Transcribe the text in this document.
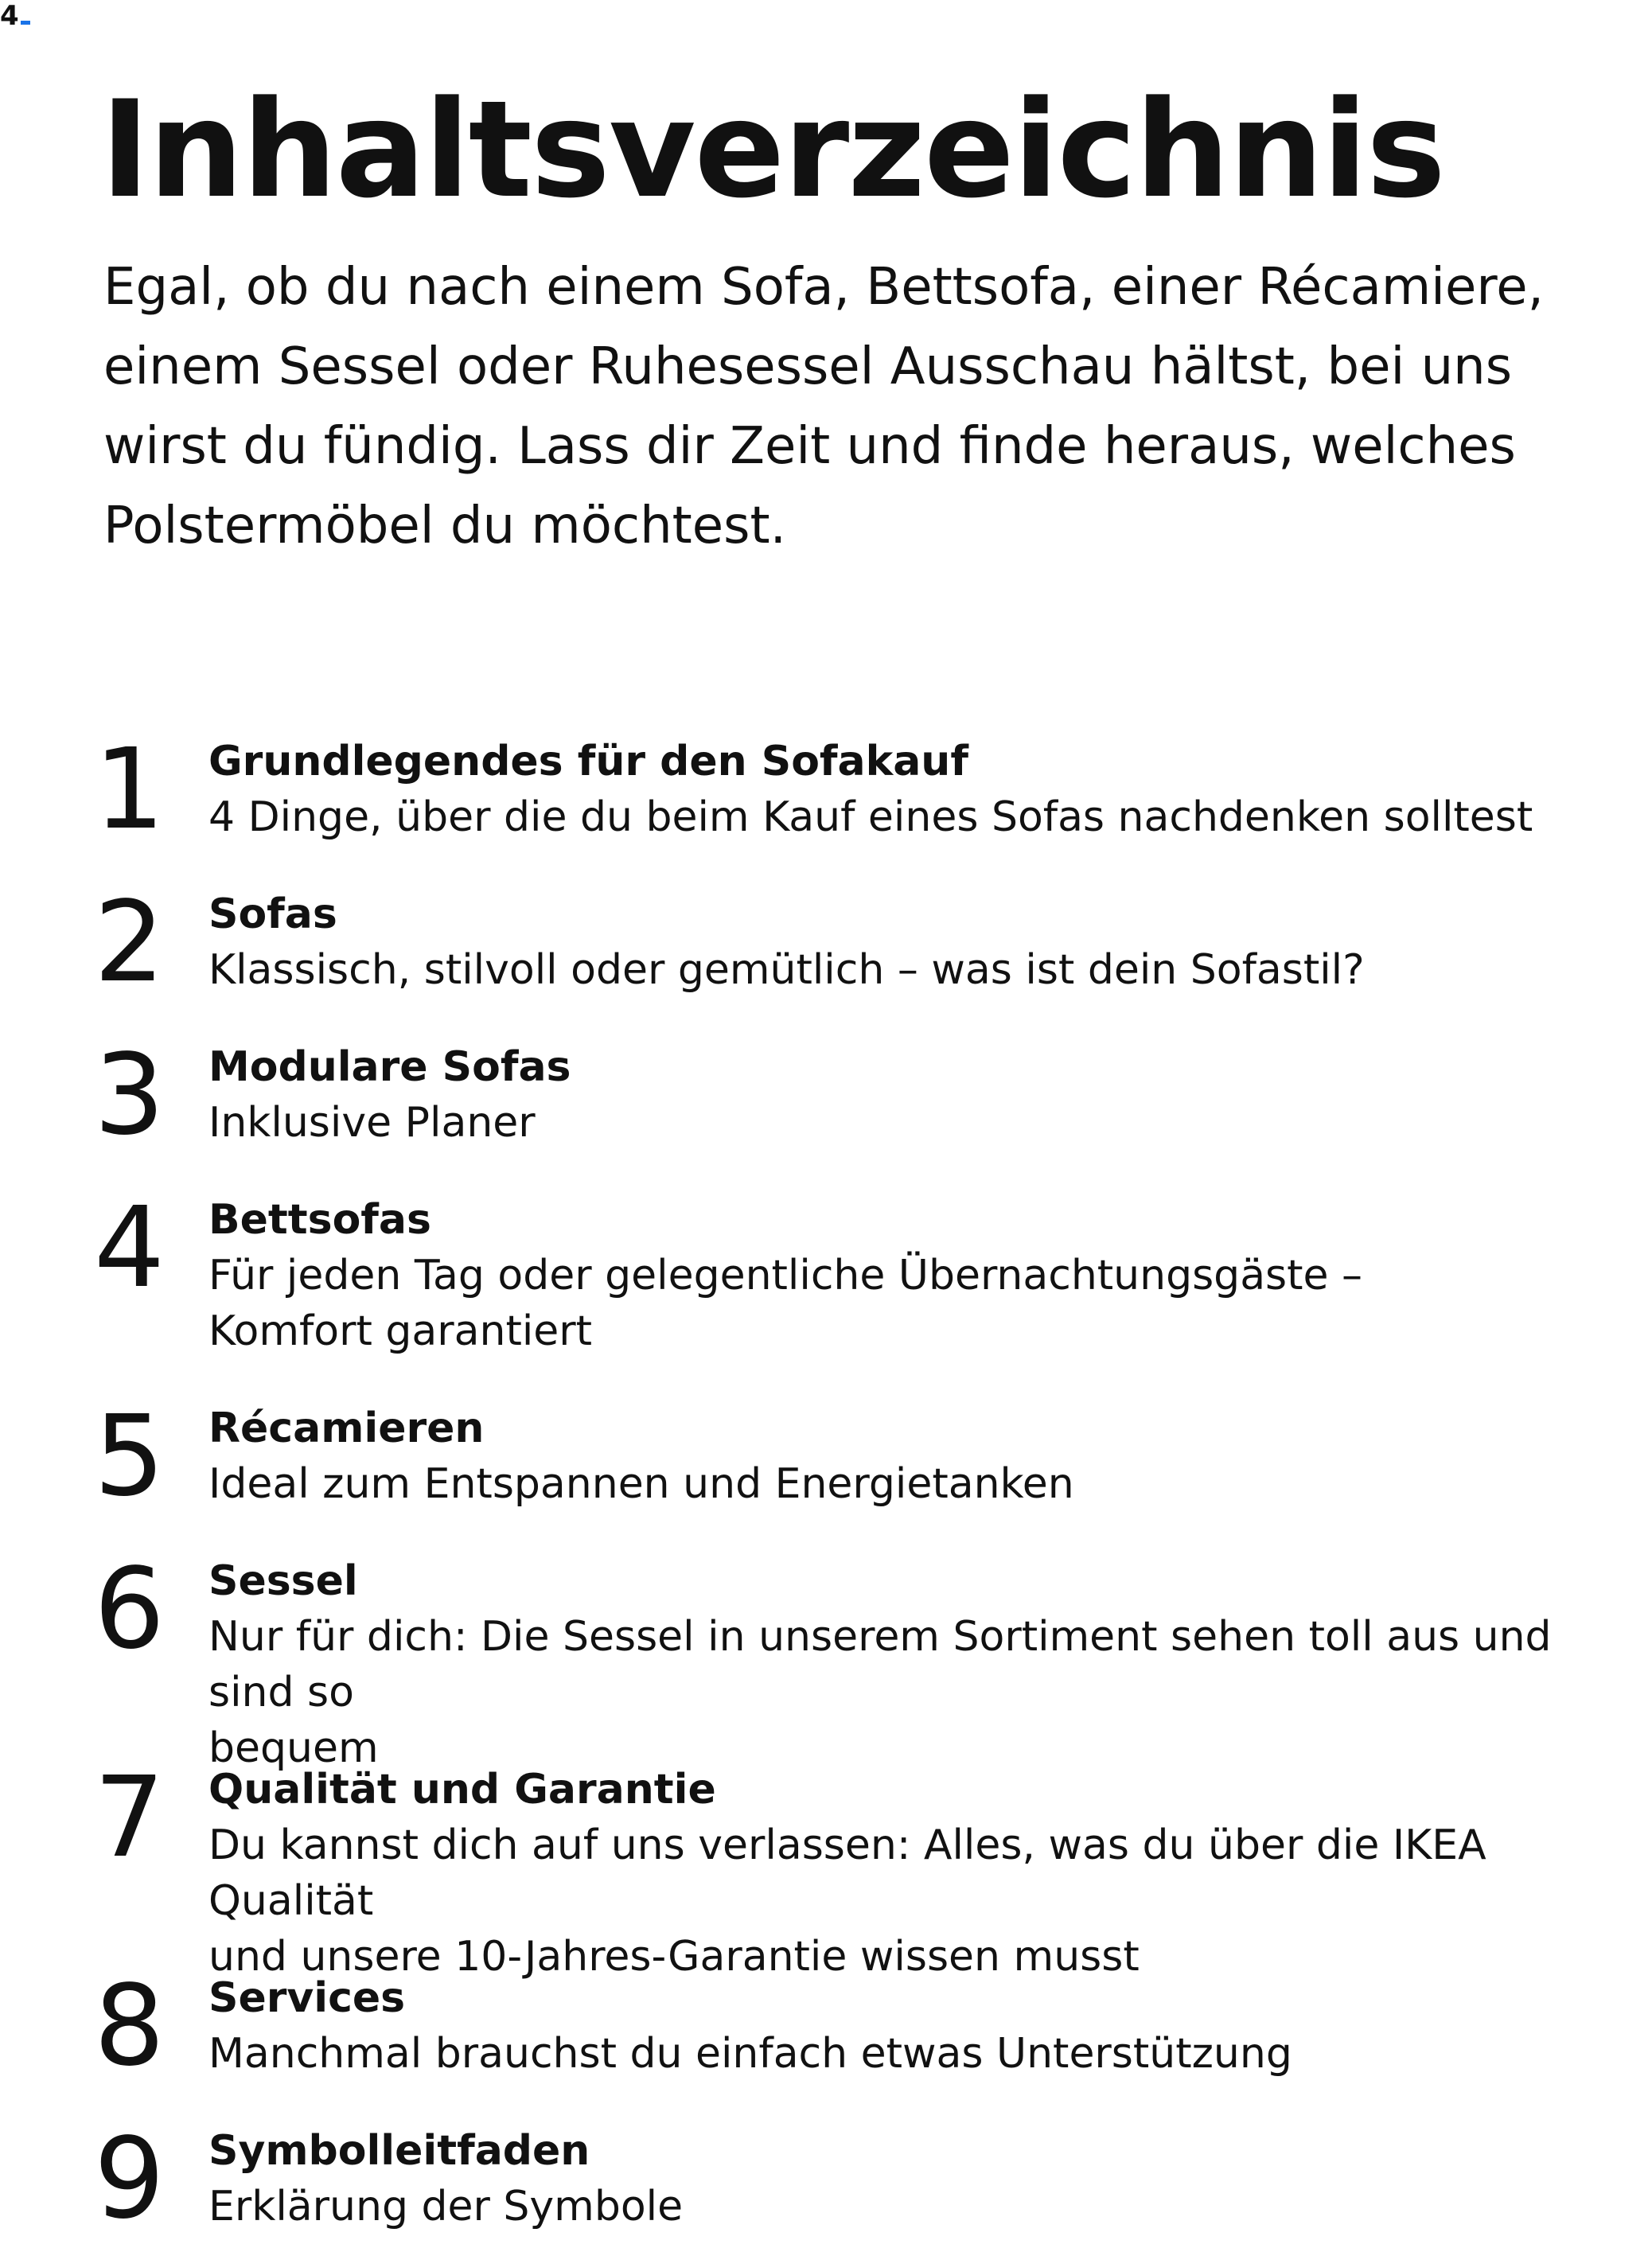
4
Inhaltsverzeichnis

Egal, ob du nach einem Sofa, Bettsofa, einer Récamiere, einem Sessel oder Ruhesessel Ausschau hältst, bei uns wirst du fündig. Lass dir Zeit und finde heraus, welches Polstermöbel du möchtest.

1	Grundlegendes für den Sofakauf

4 Dinge, über die du beim Kauf eines Sofas nachdenken solltest

2	Sofas

Klassisch, stilvoll oder gemütlich – was ist dein Sofastil?

3	Modulare Sofas

Inklusive Planer

4	Bettsofas

Für jeden Tag oder gelegentliche Übernachtungsgäste –
Komfort garantiert

5	Récamieren

Ideal zum Entspannen und Energietanken

6	Sessel

Nur für dich: Die Sessel in unserem Sortiment sehen toll aus und sind so
bequem

7	Qualität und Garantie

Du kannst dich auf uns verlassen: Alles, was du über die IKEA Qualität
und unsere 10-Jahres-Garantie wissen musst

8	Services

Manchmal brauchst du einfach etwas Unterstützung

9	Symbolleitfaden

Erklärung der Symbole
